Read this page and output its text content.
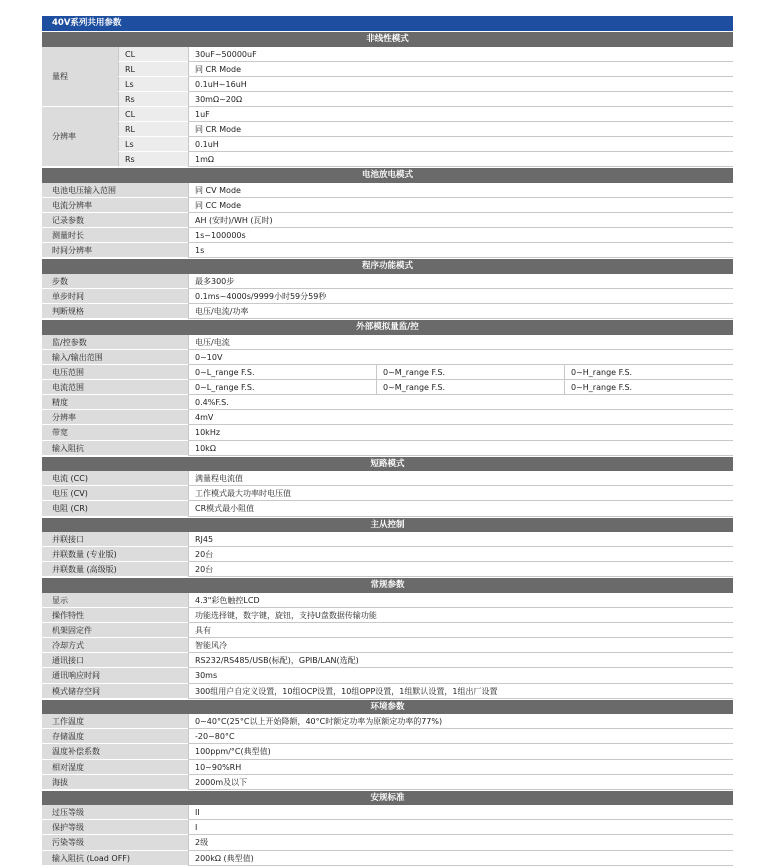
40V系列共用参数
非线性模式
量程
CL	30uF~50000uF
RL	同 CR Mode
Ls	0.1uH~16uH
Rs	30mΩ~20Ω
分辨率
CL	1uF
RL	同 CR Mode
Ls	0.1uH
Rs	1mΩ
电池放电模式
电池电压输入范围	同 CV Mode
电流分辨率	同 CC Mode
记录参数	AH (安时)/WH (瓦时)
测量时长	1s~100000s
时间分辨率	1s
程序功能模式
步数	最多300步
单步时间	0.1ms~4000s/9999小时59分59秒
判断规格	电压/电流/功率
外部模拟量监/控
监/控参数	电压/电流
输入/输出范围	0~10V
电压范围	0~L_range F.S.	0~M_range F.S.	0~H_range F.S.
电流范围	0~L_range F.S.	0~M_range F.S.	0~H_range F.S.
精度	0.4%F.S.
分辨率	4mV
带宽	10kHz
输入阻抗	10kΩ
短路模式
电流 (CC)	满量程电流值
电压 (CV)	工作模式最大功率时电压值
电阻 (CR)	CR模式最小阻值
主从控制
并联接口	RJ45
并联数量 (专业版)	20台
并联数量 (高级版)	20台
常规参数
显示	4.3"彩色触控LCD
操作特性	功能选择键，数字键，旋钮，支持U盘数据传输功能
机架固定件	具有
冷却方式	智能风冷
通讯接口	RS232/RS485/USB(标配)，GPIB/LAN(选配)
通讯响应时间	30ms
模式储存空间	300组用户自定义设置，10组OCP设置，10组OPP设置，1组默认设置，1组出厂设置
环境参数
工作温度	0~40°C(25°C以上开始降额，40°C时额定功率为原额定功率的77%)
存储温度	-20~80°C
温度补偿系数	100ppm/°C(典型值)
相对湿度	10~90%RH
海拔	2000m及以下
安规标准
过压等级	II
保护等级	I
污染等级	2级
输入阻抗 (Load OFF)	200kΩ (典型值)
